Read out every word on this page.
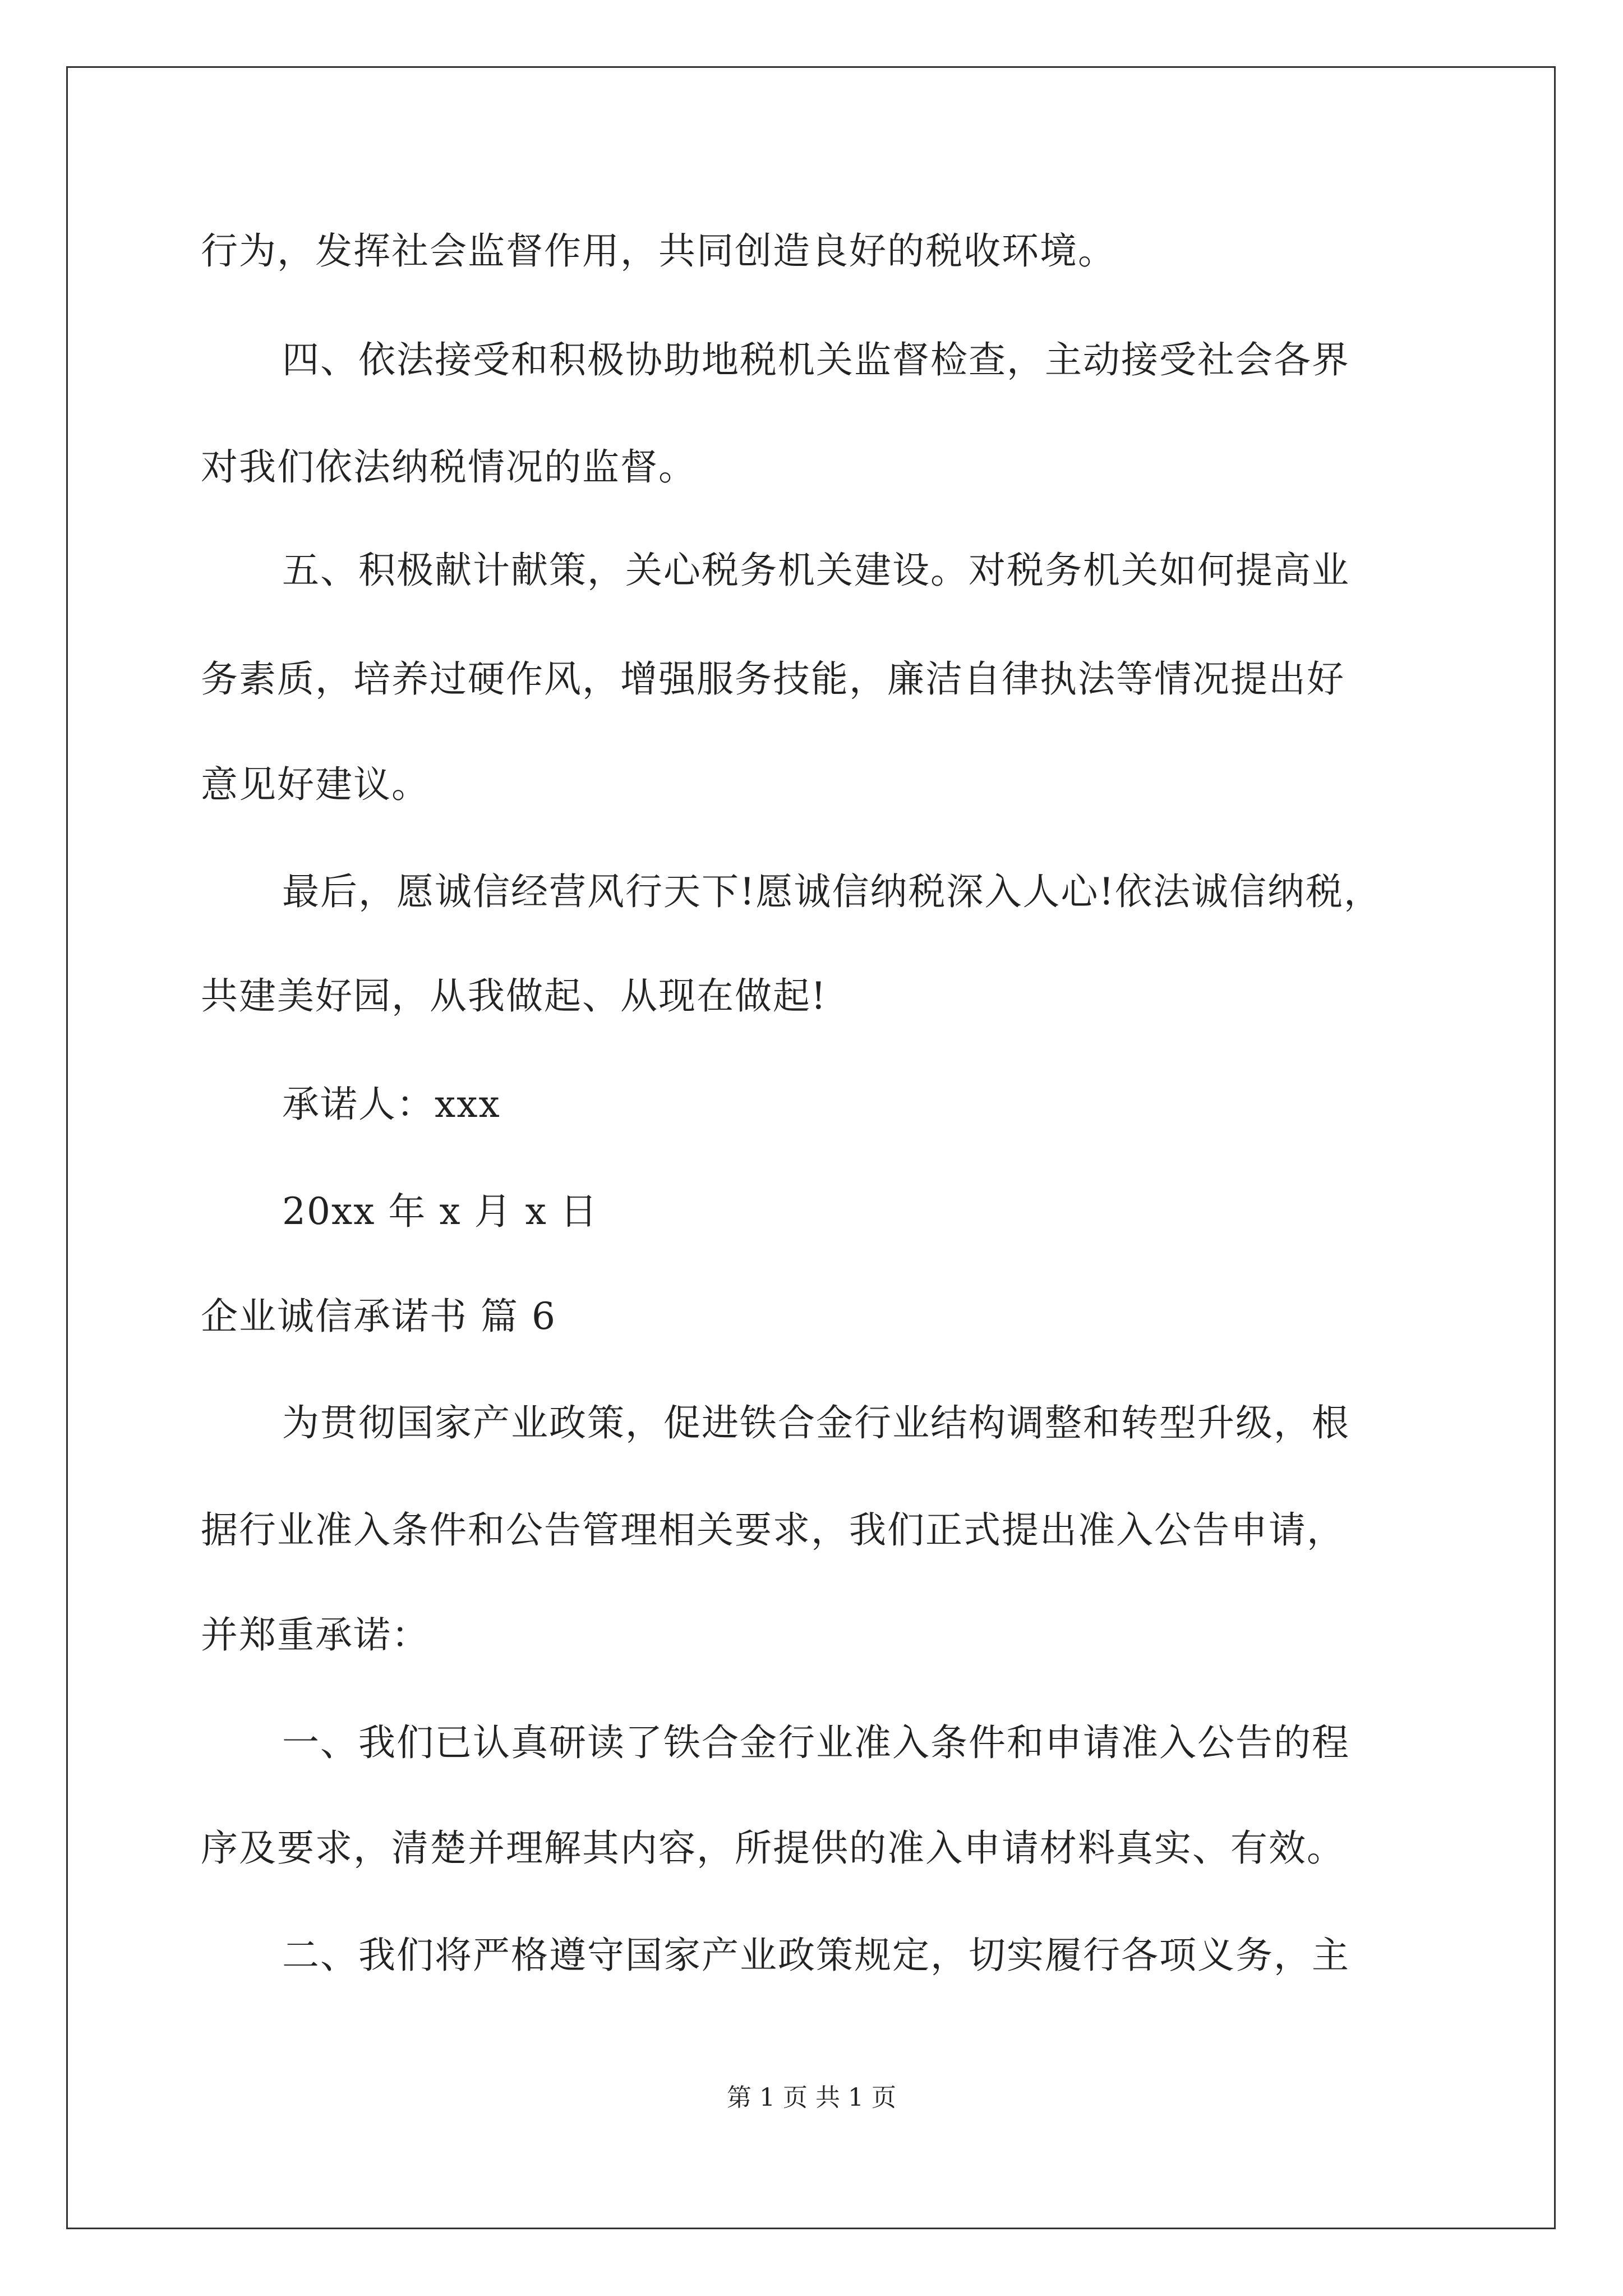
行为，发挥社会监督作用，共同创造良好的税收环境。
四、依法接受和积极协助地税机关监督检查，主动接受社会各界
对我们依法纳税情况的监督。
五、积极献计献策，关心税务机关建设。对税务机关如何提高业
务素质，培养过硬作风，增强服务技能，廉洁自律执法等情况提出好
意见好建议。
最后，愿诚信经营风行天下!愿诚信纳税深入人心!依法诚信纳税，
共建美好园，从我做起、从现在做起!
承诺人：xxx
20xx 年 x 月 x 日
企业诚信承诺书 篇 6
为贯彻国家产业政策，促进铁合金行业结构调整和转型升级，根
据行业准入条件和公告管理相关要求，我们正式提出准入公告申请，
并郑重承诺：
一、我们已认真研读了铁合金行业准入条件和申请准入公告的程
序及要求，清楚并理解其内容，所提供的准入申请材料真实、有效。
二、我们将严格遵守国家产业政策规定，切实履行各项义务，主
第 1 页 共 1 页
